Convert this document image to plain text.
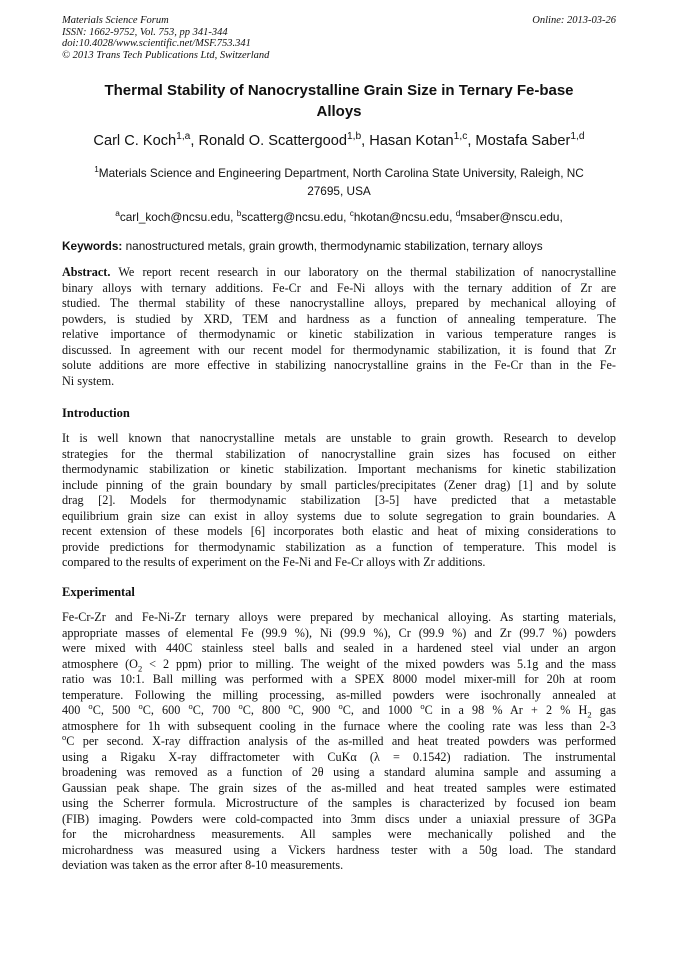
Materials Science Forum
ISSN: 1662-9752, Vol. 753, pp 341-344
doi:10.4028/www.scientific.net/MSF.753.341
© 2013 Trans Tech Publications Ltd, Switzerland
Online: 2013-03-26
Thermal Stability of Nanocrystalline Grain Size in Ternary Fe-base
Alloys
Carl C. Koch$^{1,a}$, Ronald O. Scattergood$^{1,b}$, Hasan Kotan$^{1,c}$, Mostafa Saber$^{1,d}$
$^1$Materials Science and Engineering Department, North Carolina State University, Raleigh, NC
27695, USA
$^a$carl_koch@ncsu.edu, $^b$scatterg@ncsu.edu, $^c$hkotan@ncsu.edu, $^d$msaber@nscu.edu,
Keywords: nanostructured metals, grain growth, thermodynamic stabilization, ternary alloys
Abstract. We report recent research in our laboratory on the thermal stabilization of nanocrystalline
binary alloys with ternary additions. Fe-Cr and Fe-Ni alloys with the ternary addition of Zr are
studied. The thermal stability of these nanocrystalline alloys, prepared by mechanical alloying of
powders, is studied by XRD, TEM and hardness as a function of annealing temperature. The
relative importance of thermodynamic or kinetic stabilization in various temperature ranges is
discussed. In agreement with our recent model for thermodynamic stabilization, it is found that Zr
solute additions are more effective in stabilizing nanocrystalline grains in the Fe-Cr than in the Fe-
Ni system.
Introduction
It is well known that nanocrystalline metals are unstable to grain growth. Research to develop
strategies for the thermal stabilization of nanocrystalline grain sizes has focused on either
thermodynamic stabilization or kinetic stabilization. Important mechanisms for kinetic stabilization
include pinning of the grain boundary by small particles/precipitates (Zener drag) [1] and by solute
drag [2]. Models for thermodynamic stabilization [3-5] have predicted that a metastable
equilibrium grain size can exist in alloy systems due to solute segregation to grain boundaries. A
recent extension of these models [6] incorporates both elastic and heat of mixing considerations to
provide predictions for thermodynamic stabilization as a function of temperature. This model is
compared to the results of experiment on the Fe-Ni and Fe-Cr alloys with Zr additions.
Experimental
Fe-Cr-Zr and Fe-Ni-Zr ternary alloys were prepared by mechanical alloying. As starting materials,
appropriate masses of elemental Fe (99.9 %), Ni (99.9 %), Cr (99.9 %) and Zr (99.7 %) powders
were mixed with 440C stainless steel balls and sealed in a hardened steel vial under an argon
atmosphere ($O_2 < 2$ ppm) prior to milling. The weight of the mixed powders was 5.1g and the mass
ratio was 10:1. Ball milling was performed with a SPEX 8000 model mixer-mill for 20h at room
temperature. Following the milling processing, as-milled powders were isochronally annealed at
400 $^o$C, 500 $^o$C, 600 $^o$C, 700 $^o$C, 800 $^o$C, 900 $^o$C, and 1000 $^o$C in a 98 % Ar + 2 % $H_2$ gas
atmosphere for 1h with subsequent cooling in the furnace where the cooling rate was less than 2-3
$^o$C per second. X-ray diffraction analysis of the as-milled and heat treated powders was performed
using a Rigaku X-ray diffractometer with CuKα (λ = 0.1542) radiation. The instrumental
broadening was removed as a function of 2θ using a standard alumina sample and assuming a
Gaussian peak shape. The grain sizes of the as-milled and heat treated samples were estimated
using the Scherrer formula. Microstructure of the samples is characterized by focused ion beam
(FIB) imaging. Powders were cold-compacted into 3mm discs under a uniaxial pressure of 3GPa
for the microhardness measurements. All samples were mechanically polished and the
microhardness was measured using a Vickers hardness tester with a 50g load. The standard
deviation was taken as the error after 8-10 measurements.
